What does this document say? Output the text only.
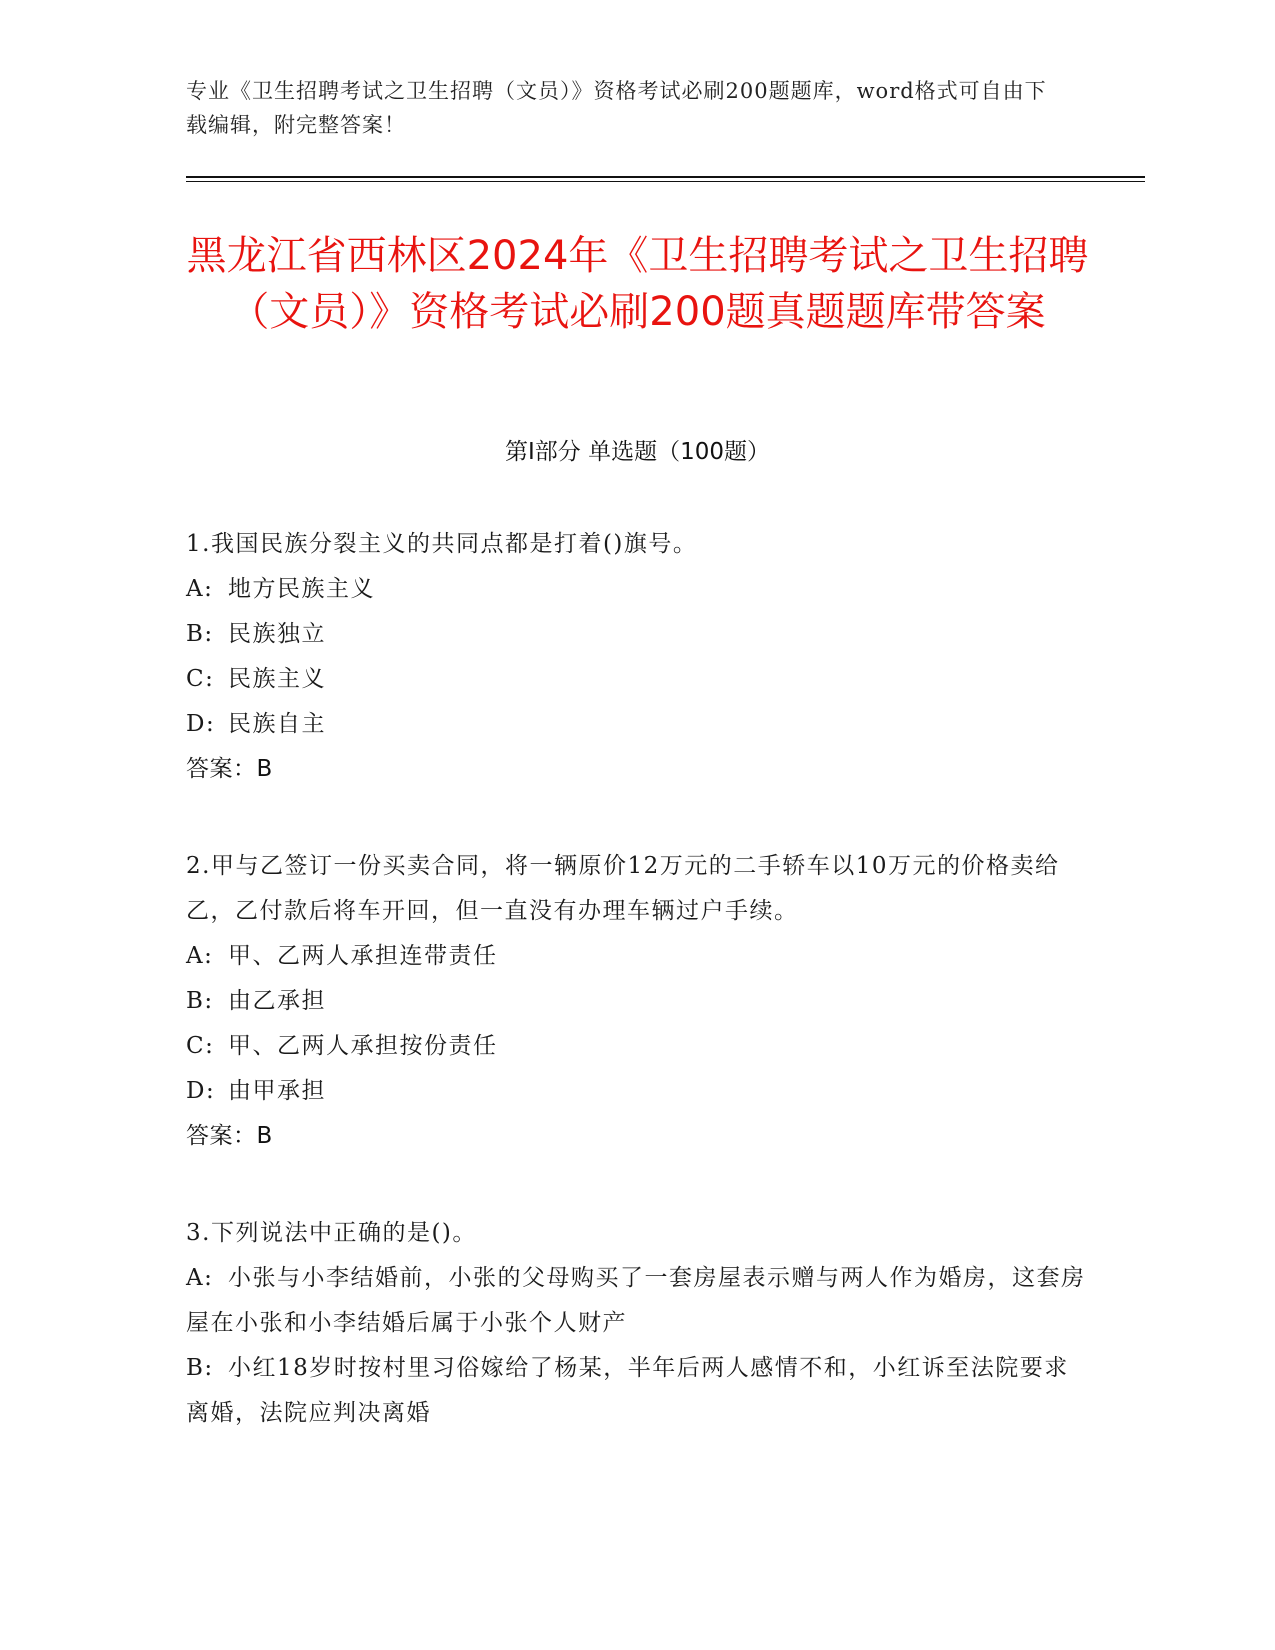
专业《卫生招聘考试之卫生招聘（文员）》资格考试必刷200题题库，word格式可自由下载编辑，附完整答案！
黑龙江省西林区2024年《卫生招聘考试之卫生招聘（文员）》资格考试必刷200题真题题库带答案
第I部分 单选题（100题）
1.我国民族分裂主义的共同点都是打着()旗号。
A: 地方民族主义
B: 民族独立
C: 民族主义
D: 民族自主
答案：B
2.甲与乙签订一份买卖合同，将一辆原价12万元的二手轿车以10万元的价格卖给乙，乙付款后将车开回，但一直没有办理车辆过户手续。
A: 甲、乙两人承担连带责任
B: 由乙承担
C: 甲、乙两人承担按份责任
D: 由甲承担
答案：B
3.下列说法中正确的是()。
A: 小张与小李结婚前，小张的父母购买了一套房屋表示赠与两人作为婚房，这套房屋在小张和小李结婚后属于小张个人财产
B: 小红18岁时按村里习俗嫁给了杨某，半年后两人感情不和，小红诉至法院要求离婚，法院应判决离婚
